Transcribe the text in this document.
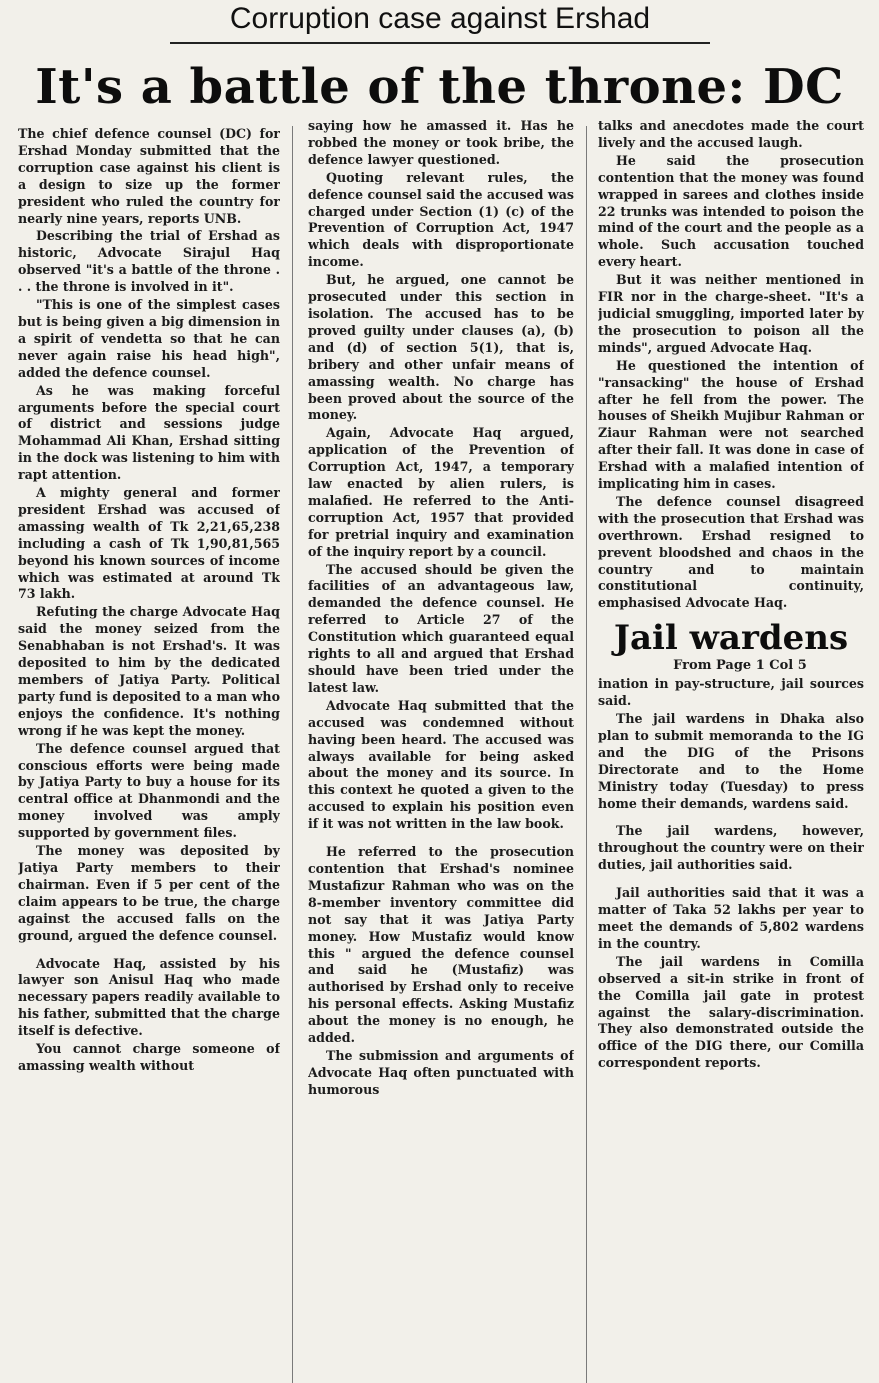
Corruption case against Ershad
It's a battle of the throne: DC

The chief defence counsel (DC) for Ershad Monday submitted that the corruption case against his client is a design to size up the former president who ruled the country for nearly nine years, reports UNB.

Describing the trial of Ershad as historic, Advocate Sirajul Haq observed "it's a battle of the throne . . . the throne is involved in it".

"This is one of the simplest cases but is being given a big dimension in a spirit of vendetta so that he can never again raise his head high", added the defence counsel.

As he was making forceful arguments before the special court of district and sessions judge Mohammad Ali Khan, Ershad sitting in the dock was listening to him with rapt attention.

A mighty general and former president Ershad was accused of amassing wealth of Tk 2,21,65,238 including a cash of Tk 1,90,81,565 beyond his known sources of income which was estimated at around Tk 73 lakh.

Refuting the charge Advocate Haq said the money seized from the Senabhaban is not Ershad's. It was deposited to him by the dedicated members of Jatiya Party. Political party fund is deposited to a man who enjoys the confidence. It's nothing wrong if he was kept the money.

The defence counsel argued that conscious efforts were being made by Jatiya Party to buy a house for its central office at Dhanmondi and the money involved was amply supported by government files.

The money was deposited by Jatiya Party members to their chairman. Even if 5 per cent of the claim appears to be true, the charge against the accused falls on the ground, argued the defence counsel.

Advocate Haq, assisted by his lawyer son Anisul Haq who made necessary papers readily available to his father, submitted that the charge itself is defective.

You cannot charge someone of amassing wealth without

saying how he amassed it. Has he robbed the money or took bribe, the defence lawyer questioned.

Quoting relevant rules, the defence counsel said the accused was charged under Section (1) (c) of the Prevention of Corruption Act, 1947 which deals with disproportionate income.

But, he argued, one cannot be prosecuted under this section in isolation. The accused has to be proved guilty under clauses (a), (b) and (d) of section 5(1), that is, bribery and other unfair means of amassing wealth. No charge has been proved about the source of the money.

Again, Advocate Haq argued, application of the Prevention of Corruption Act, 1947, a temporary law enacted by alien rulers, is malafied. He referred to the Anti-corruption Act, 1957 that provided for pretrial inquiry and examination of the inquiry report by a council.

The accused should be given the facilities of an advantageous law, demanded the defence counsel. He referred to Article 27 of the Constitution which guaranteed equal rights to all and argued that Ershad should have been tried under the latest law.

Advocate Haq submitted that the accused was condemned without having been heard. The accused was always available for being asked about the money and its source. In this context he quoted a given to the accused to explain his position even if it was not written in the law book.

He referred to the prosecution contention that Ershad's nominee Mustafizur Rahman who was on the 8-member inventory committee did not say that it was Jatiya Party money. How Mustafiz would know this " argued the defence counsel and said he (Mustafiz) was authorised by Ershad only to receive his personal effects. Asking Mustafiz about the money is no enough, he added.

The submission and arguments of Advocate Haq often punctuated with humorous

talks and anecdotes made the court lively and the accused laugh.

He said the prosecution contention that the money was found wrapped in sarees and clothes inside 22 trunks was intended to poison the mind of the court and the people as a whole. Such accusation touched every heart.

But it was neither mentioned in FIR nor in the charge-sheet. "It's a judicial smuggling, imported later by the prosecution to poison all the minds", argued Advocate Haq.

He questioned the intention of "ransacking" the house of Ershad after he fell from the power. The houses of Sheikh Mujibur Rahman or Ziaur Rahman were not searched after their fall. It was done in case of Ershad with a malafied intention of implicating him in cases.

The defence counsel disagreed with the prosecution that Ershad was overthrown. Ershad resigned to prevent bloodshed and chaos in the country and to maintain constitutional continuity, emphasised Advocate Haq.

Jail wardens

From Page 1 Col 5

ination in pay-structure, jail sources said.

The jail wardens in Dhaka also plan to submit memoranda to the IG and the DIG of the Prisons Directorate and to the Home Ministry today (Tuesday) to press home their demands, wardens said.

The jail wardens, however, throughout the country were on their duties, jail authorities said.

Jail authorities said that it was a matter of Taka 52 lakhs per year to meet the demands of 5,802 wardens in the country.

The jail wardens in Comilla observed a sit-in strike in front of the Comilla jail gate in protest against the salary-discrimination. They also demonstrated outside the office of the DIG there, our Comilla correspondent reports.
